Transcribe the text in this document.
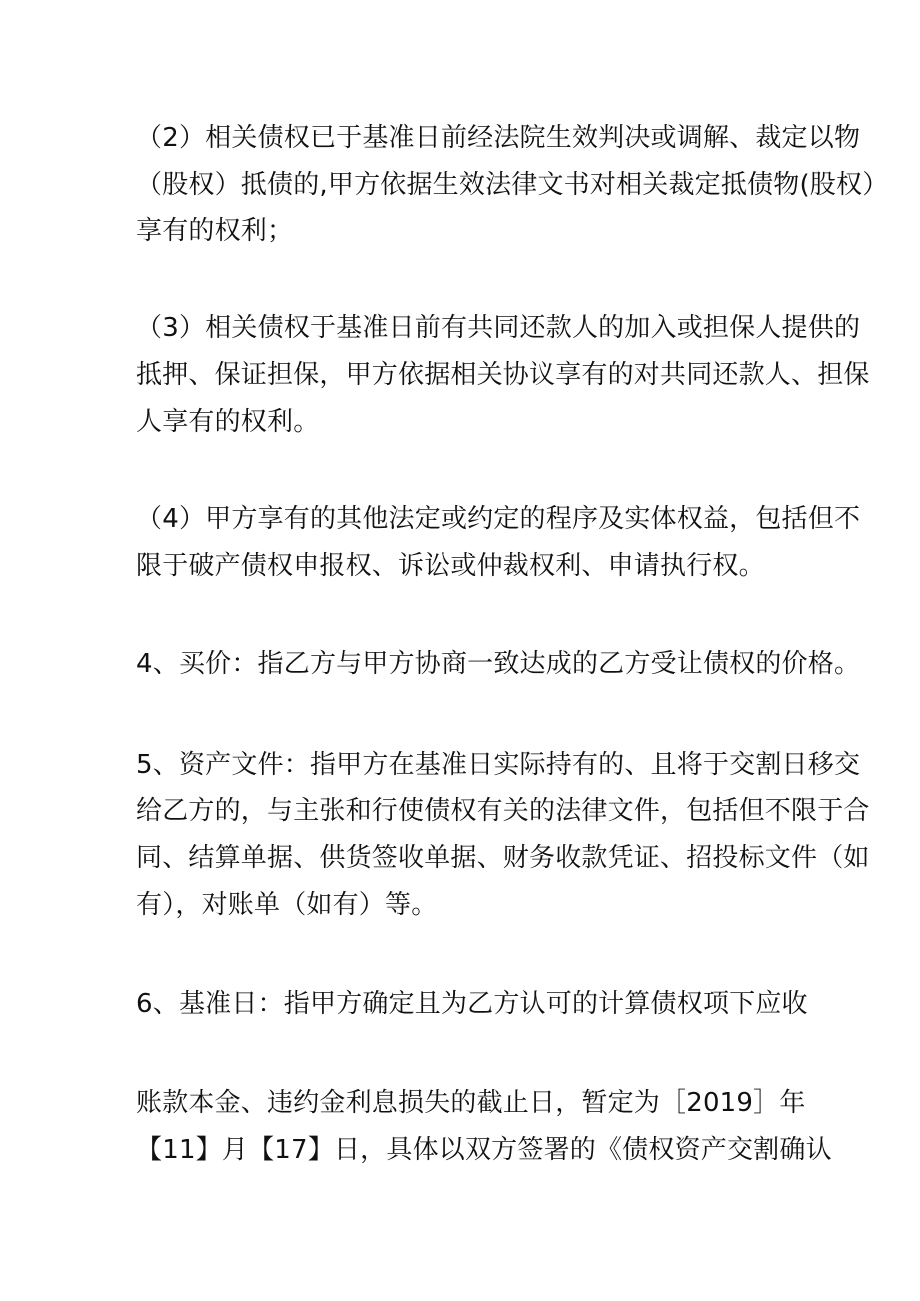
（2）相关债权已于基准日前经法院生效判决或调解、裁定以物
（股权）抵债的,甲方依据生效法律文书对相关裁定抵债物(股权）
享有的权利；
（3）相关债权于基准日前有共同还款人的加入或担保人提供的
抵押、保证担保，甲方依据相关协议享有的对共同还款人、担保
人享有的权利。
（4）甲方享有的其他法定或约定的程序及实体权益，包括但不
限于破产债权申报权、诉讼或仲裁权利、申请执行权。
4、买价：指乙方与甲方协商一致达成的乙方受让债权的价格。
5、资产文件：指甲方在基准日实际持有的、且将于交割日移交
给乙方的，与主张和行使债权有关的法律文件，包括但不限于合
同、结算单据、供货签收单据、财务收款凭证、招投标文件（如
有），对账单（如有）等。
6、基准日：指甲方确定且为乙方认可的计算债权项下应收
账款本金、违约金利息损失的截止日，暂定为［2019］年
【11】月【17】日，具体以双方签署的《债权资产交割确认
